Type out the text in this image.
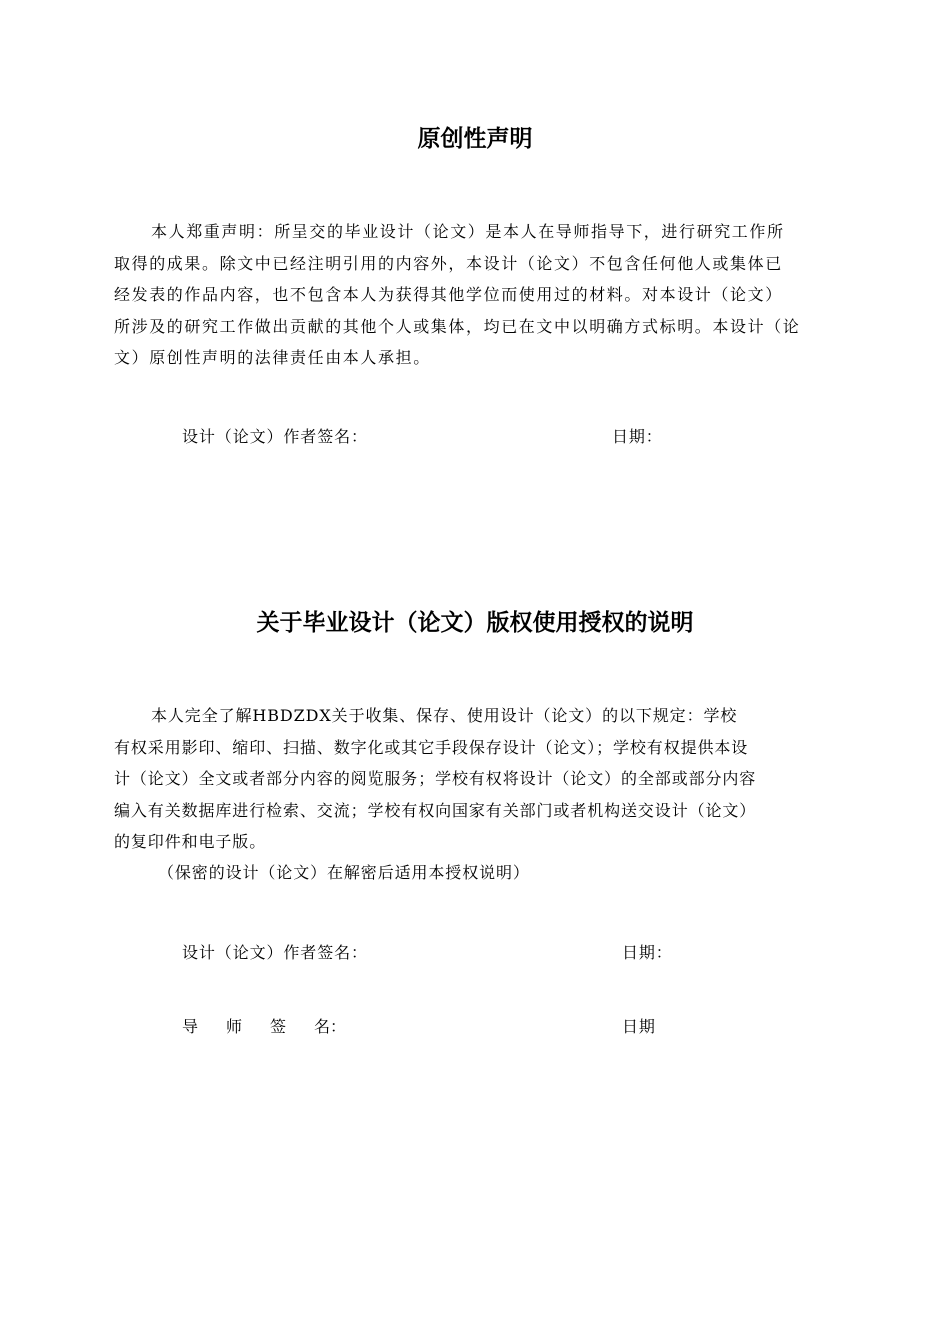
原创性声明
本人郑重声明：所呈交的毕业设计（论文）是本人在导师指导下，进行研究工作所
取得的成果。除文中已经注明引用的内容外，本设计（论文）不包含任何他人或集体已
经发表的作品内容，也不包含本人为获得其他学位而使用过的材料。对本设计（论文）
所涉及的研究工作做出贡献的其他个人或集体，均已在文中以明确方式标明。本设计（论
文）原创性声明的法律责任由本人承担。

设计（论文）作者签名：	日期：

关于毕业设计（论文）版权使用授权的说明
本人完全了解HBDZDX关于收集、保存、使用设计（论文）的以下规定：学校
有权采用影印、缩印、扫描、数字化或其它手段保存设计（论文）；学校有权提供本设
计（论文）全文或者部分内容的阅览服务；学校有权将设计（论文）的全部或部分内容
编入有关数据库进行检索、交流；学校有权向国家有关部门或者机构送交设计（论文）
的复印件和电子版。

（保密的设计（论文）在解密后适用本授权说明）

设计（论文）作者签名：	日期：

导 师 签 名：	日期
